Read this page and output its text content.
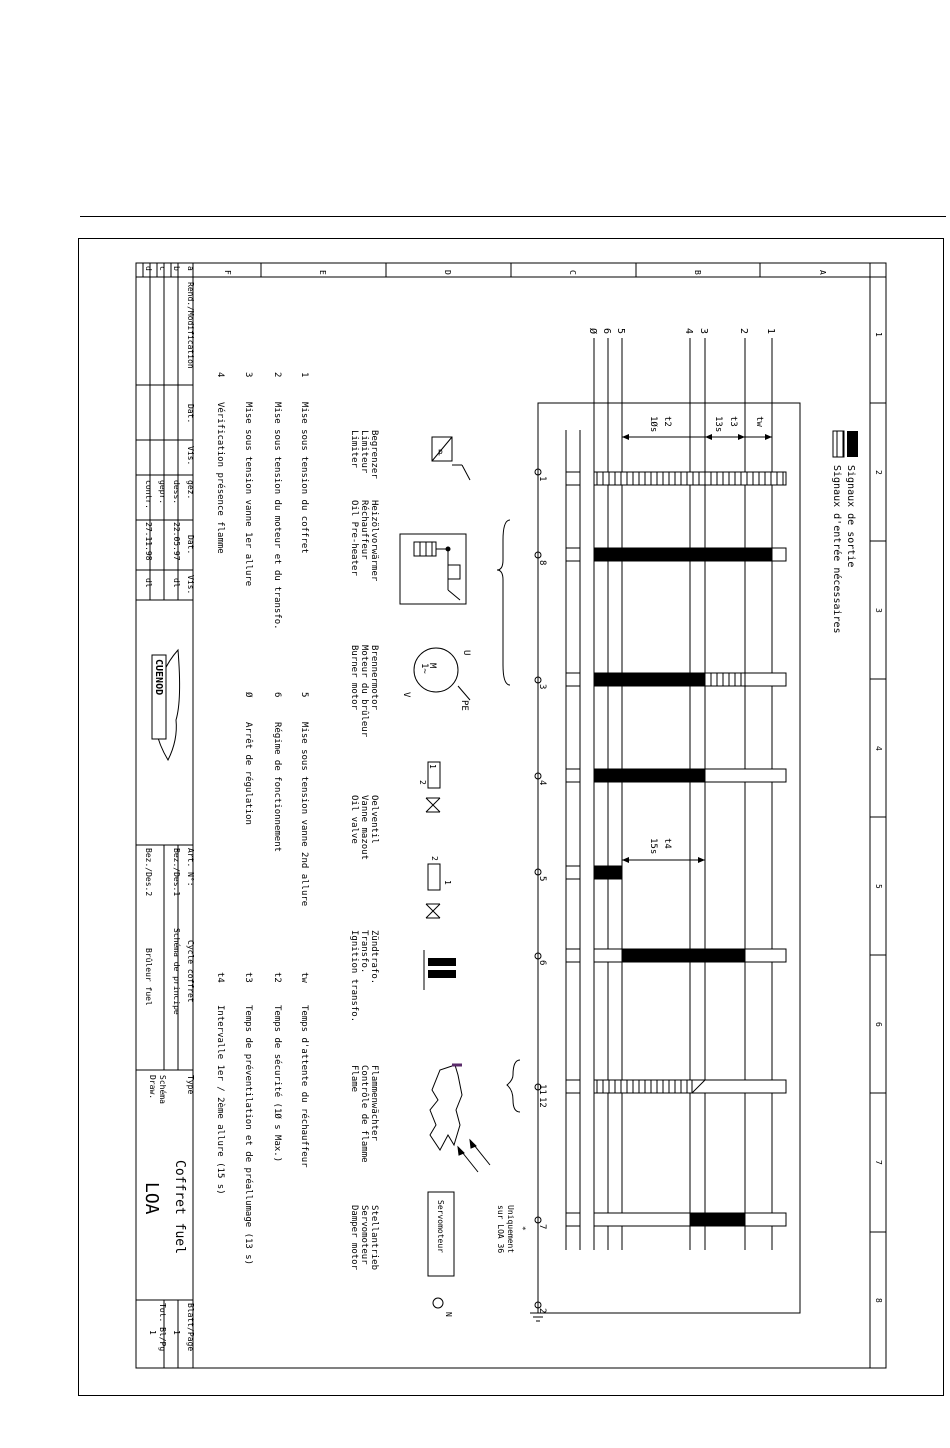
A
B
C
D
E
F
1
2
3
4
5
6
7
8
Signaux de sortie
Signaux d'entrée nécessaires
1
2
3
4
5
6
Ø
tw
t3
13s
t2
1Øs
t4
15s
1
8
3
4
5
6
11
12
7
2
p
M
1~
U
V
PE
1
2
1
2
Servomoteur
N
Uniquement
sur LOA 36 *
Begrenzer
Limiteur
Limiter
Heizölvorwärmer
Réchauffeur
Oil Pre-heater
Brennermotor
Moteur du brûleur
Burner motor
Oelventil
Vanne mazout
Oil valve
Zündtrafo.
Transfo.
Ignition transfo.
Flammenwächter
Contrôle de flamme
Flame
Stellantrieb
Servomoteur
Damper motor
1
Mise sous tension du coffret
2
Mise sous tension du moteur et du transfo.
3
Mise sous tension vanne 1er allure
4
Vérification présence flamme
5
Mise sous tension vanne 2nd allure
6
Régime de fonctionnement
Ø
Arrêt de régulation
tw
Temps d'attente du réchauffeur
t2
Temps de sécurité (1Ø s Max.)
t3
Temps de préventilation et de préallumage (13 s)
t4
Intervalle 1er / 2ème allure (15 s)
a
b
c
d
Rend./Modification
Dat.
Vis.
gez.
dess.
gepr.
contr.
Dat.
Vis.
22.05.97
27.11.98
dl
dl
Art. N°:
Bez./Des.1
Bez./Des.2
Cycle coffret
Schéma de principe
Brûleur fuel
Type
Schéma
Draw.
Blatt/Page
1
Tot. Bl/Pg
1
Coffret fuel
LOA
CUENOD
